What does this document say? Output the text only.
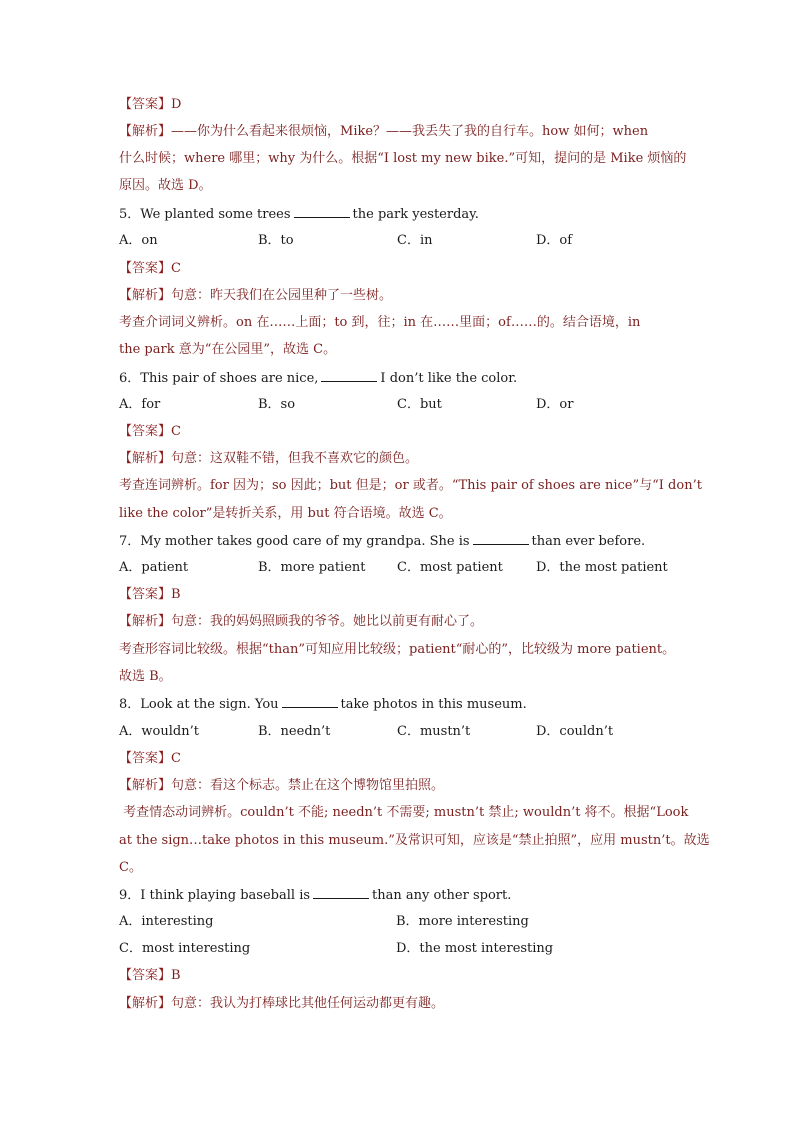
【答案】D
【解析】——你为什么看起来很烦恼，Mike？——我丢失了我的自行车。how 如何；when
什么时候；where 哪里；why 为什么。根据“I lost my new bike.”可知，提问的是 Mike 烦恼的
原因。故选 D。
5．We planted some trees	the park yesterday.
A．on	B．to	C．in	D．of
【答案】C
【解析】句意：昨天我们在公园里种了一些树。
考查介词词义辨析。on 在……上面；to 到，往；in 在……里面；of……的。结合语境，in
the park 意为“在公园里”，故选 C。
6．This pair of shoes are nice,	I don’t like the color.
A．for	B．so	C．but	D．or
【答案】C
【解析】句意：这双鞋不错，但我不喜欢它的颜色。
考查连词辨析。for 因为；so 因此；but 但是；or 或者。“This pair of shoes are nice”与“I don’t
like the color”是转折关系，用 but 符合语境。故选 C。
7．My mother takes good care of my grandpa. She is	than ever before.
A．patient	B．more patient C．most patient	D．the most patient
【答案】B
【解析】句意：我的妈妈照顾我的爷爷。她比以前更有耐心了。
考查形容词比较级。根据“than”可知应用比较级；patient“耐心的”，比较级为 more patient。
故选 B。
8．Look at the sign. You	take photos in this museum.
A．wouldn’t	B．needn’t	C．mustn’t	D．couldn’t
【答案】C
【解析】句意：看这个标志。禁止在这个博物馆里拍照。
考查情态动词辨析。couldn’t 不能; needn’t 不需要; mustn’t 禁止; wouldn’t 将不。根据“Look
at the sign…take photos in this museum.”及常识可知，应该是“禁止拍照”，应用 mustn’t。故选
C。
9．I think playing baseball is	than any other sport.
A．interesting	B．more interesting
C．most interesting	D．the most interesting
【答案】B
【解析】句意：我认为打棒球比其他任何运动都更有趣。
